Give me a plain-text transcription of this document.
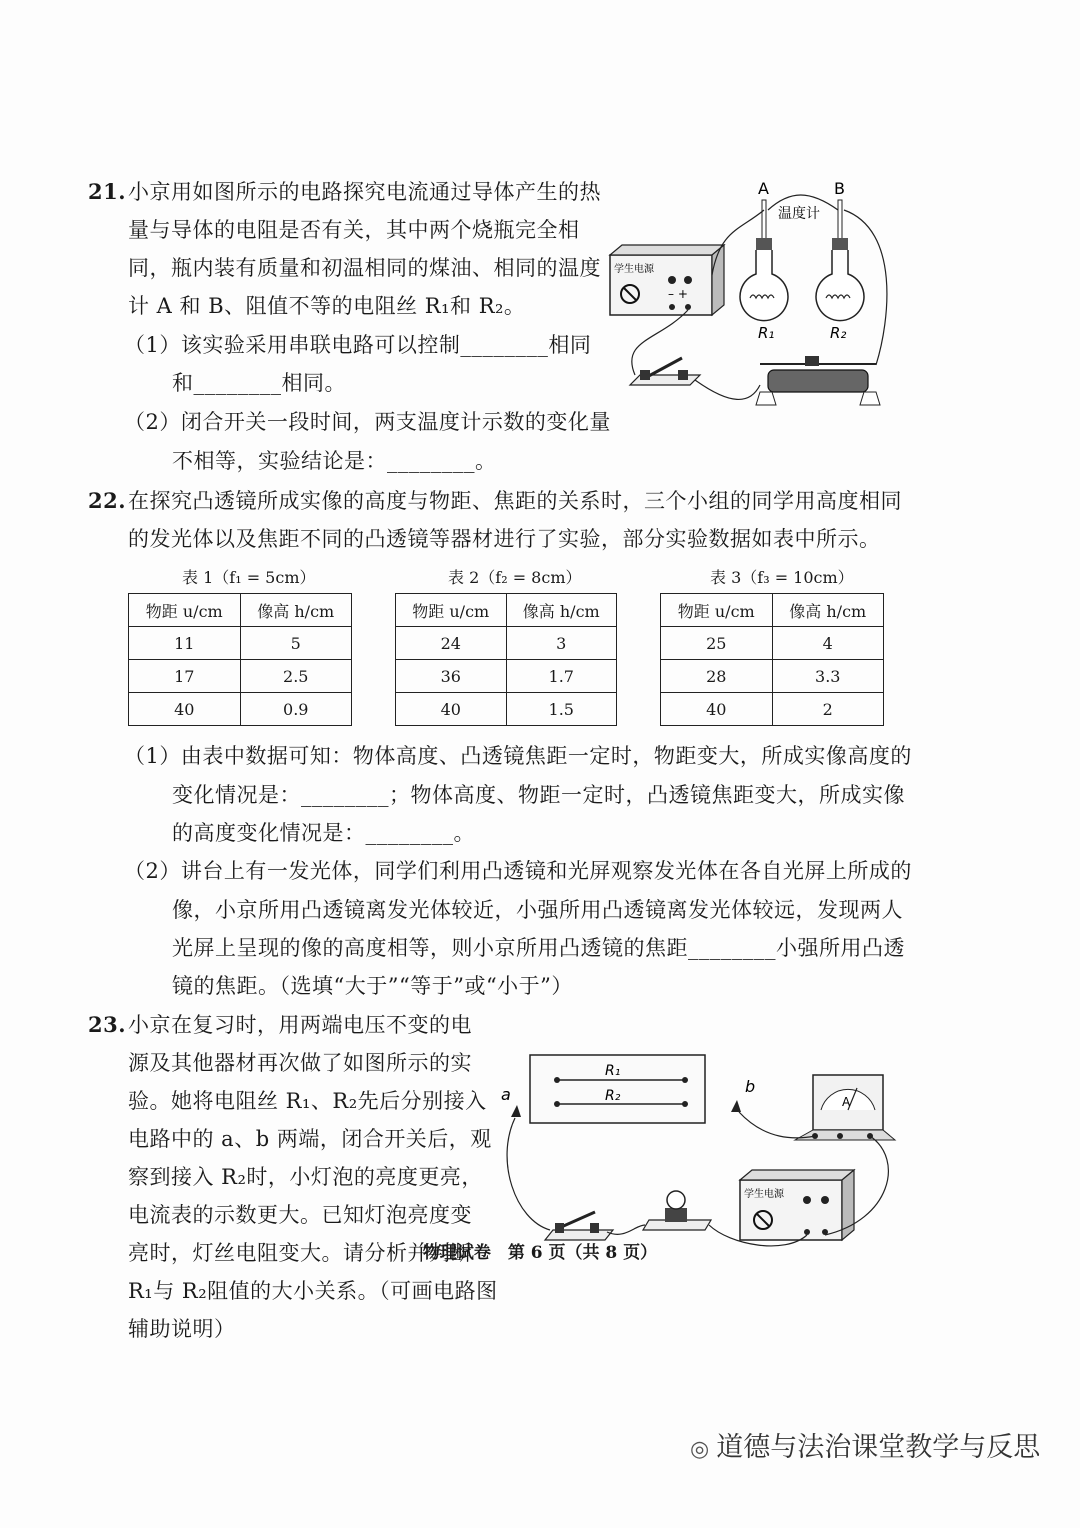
21. 小京用如图所示的电路探究电流通过导体产生的热
量与导体的电阻是否有关，其中两个烧瓶完全相
同，瓶内装有质量和初温相同的煤油、相同的温度
计 A 和 B、阻值不等的电阻丝 R₁和 R₂。
（1）该实验采用串联电路可以控制________相同
和________相同。
（2）闭合开关一段时间，两支温度计示数的变化量
不相等，实验结论是：________。
A	B
温度计
学生电源
– +
R₁	R₂
22. 在探究凸透镜所成实像的高度与物距、焦距的关系时，三个小组的同学用高度相同
的发光体以及焦距不同的凸透镜等器材进行了实验，部分实验数据如表中所示。
表 1（f₁ = 5cm）	表 2（f₂ = 8cm）	表 3（f₃ = 10cm）
物距 u/cm	像高 h/cm
11	5
17	2.5
40	0.9
物距 u/cm	像高 h/cm
24	3
36	1.7
40	1.5
物距 u/cm	像高 h/cm
25	4
28	3.3
40	2
（1）由表中数据可知：物体高度、凸透镜焦距一定时，物距变大，所成实像高度的
变化情况是：________；物体高度、物距一定时，凸透镜焦距变大，所成实像
的高度变化情况是：________。
（2）讲台上有一发光体，同学们利用凸透镜和光屏观察发光体在各自光屏上所成的
像，小京所用凸透镜离发光体较近，小强所用凸透镜离发光体较远，发现两人
光屏上呈现的像的高度相等，则小京所用凸透镜的焦距________小强所用凸透
镜的焦距。（选填“大于”“等于”或“小于”）
23. 小京在复习时，用两端电压不变的电
源及其他器材再次做了如图所示的实
验。她将电阻丝 R₁、R₂先后分别接入
电路中的 a、b 两端，闭合开关后，观
察到接入 R₂时，小灯泡的亮度更亮，
电流表的示数更大。已知灯泡亮度变
亮时，灯丝电阻变大。请分析并判断
R₁与 R₂阻值的大小关系。（可画电路图
辅助说明）
R₁
R₂
a	b
A
学生电源
物理试卷　第 6 页（共 8 页）
◎ 道德与法治课堂教学与反思
